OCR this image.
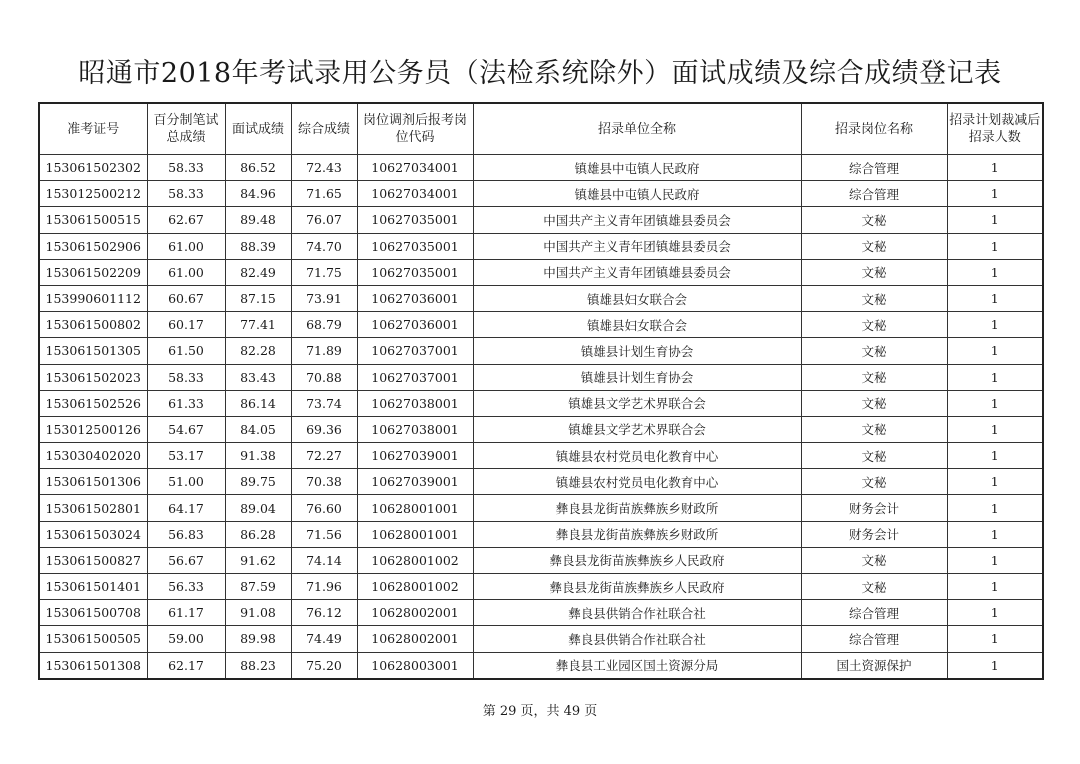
昭通市2018年考试录用公务员（法检系统除外）面试成绩及综合成绩登记表
准考证号	百分制笔试总成绩	面试成绩	综合成绩	岗位调剂后报考岗位代码	招录单位全称	招录岗位名称	招录计划裁减后招录人数
153061502302	58.33	86.52	72.43	10627034001	镇雄县中屯镇人民政府	综合管理	1
153012500212	58.33	84.96	71.65	10627034001	镇雄县中屯镇人民政府	综合管理	1
153061500515	62.67	89.48	76.07	10627035001	中国共产主义青年团镇雄县委员会	文秘	1
153061502906	61.00	88.39	74.70	10627035001	中国共产主义青年团镇雄县委员会	文秘	1
153061502209	61.00	82.49	71.75	10627035001	中国共产主义青年团镇雄县委员会	文秘	1
153990601112	60.67	87.15	73.91	10627036001	镇雄县妇女联合会	文秘	1
153061500802	60.17	77.41	68.79	10627036001	镇雄县妇女联合会	文秘	1
153061501305	61.50	82.28	71.89	10627037001	镇雄县计划生育协会	文秘	1
153061502023	58.33	83.43	70.88	10627037001	镇雄县计划生育协会	文秘	1
153061502526	61.33	86.14	73.74	10627038001	镇雄县文学艺术界联合会	文秘	1
153012500126	54.67	84.05	69.36	10627038001	镇雄县文学艺术界联合会	文秘	1
153030402020	53.17	91.38	72.27	10627039001	镇雄县农村党员电化教育中心	文秘	1
153061501306	51.00	89.75	70.38	10627039001	镇雄县农村党员电化教育中心	文秘	1
153061502801	64.17	89.04	76.60	10628001001	彝良县龙街苗族彝族乡财政所	财务会计	1
153061503024	56.83	86.28	71.56	10628001001	彝良县龙街苗族彝族乡财政所	财务会计	1
153061500827	56.67	91.62	74.14	10628001002	彝良县龙街苗族彝族乡人民政府	文秘	1
153061501401	56.33	87.59	71.96	10628001002	彝良县龙街苗族彝族乡人民政府	文秘	1
153061500708	61.17	91.08	76.12	10628002001	彝良县供销合作社联合社	综合管理	1
153061500505	59.00	89.98	74.49	10628002001	彝良县供销合作社联合社	综合管理	1
153061501308	62.17	88.23	75.20	10628003001	彝良县工业园区国土资源分局	国土资源保护	1
第 29 页，共 49 页
